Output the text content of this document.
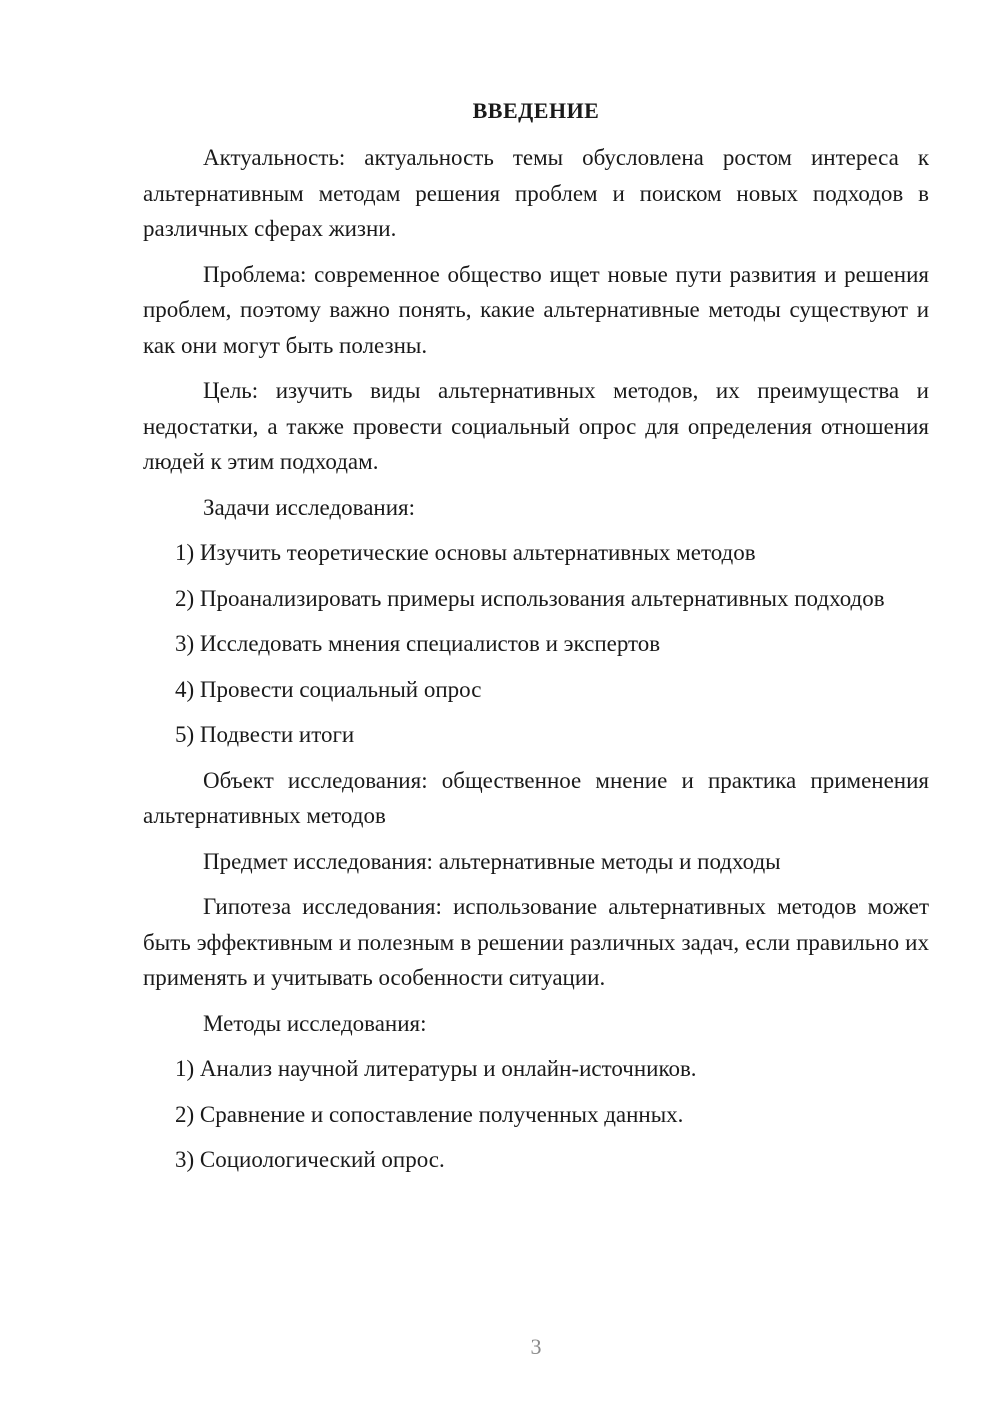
ВВЕДЕНИЕ

Актуальность: актуальность темы обусловлена ростом интереса к альтернативным методам решения проблем и поиском новых подходов в различных сферах жизни.

Проблема: современное общество ищет новые пути развития и решения проблем, поэтому важно понять, какие альтернативные методы существуют и как они могут быть полезны.

Цель: изучить виды альтернативных методов, их преимущества и недостатки, а также провести социальный опрос для определения отношения людей к этим подходам.

Задачи исследования:

1) Изучить теоретические основы альтернативных методов

2) Проанализировать примеры использования альтернативных подходов

3) Исследовать мнения специалистов и экспертов

4) Провести социальный опрос

5) Подвести итоги

Объект исследования: общественное мнение и практика применения альтернативных методов

Предмет исследования: альтернативные методы и подходы

Гипотеза исследования: использование альтернативных методов может быть эффективным и полезным в решении различных задач, если правильно их применять и учитывать особенности ситуации.

Методы исследования:

1) Анализ научной литературы и онлайн-источников.

2) Сравнение и сопоставление полученных данных.

3) Социологический опрос.

3
